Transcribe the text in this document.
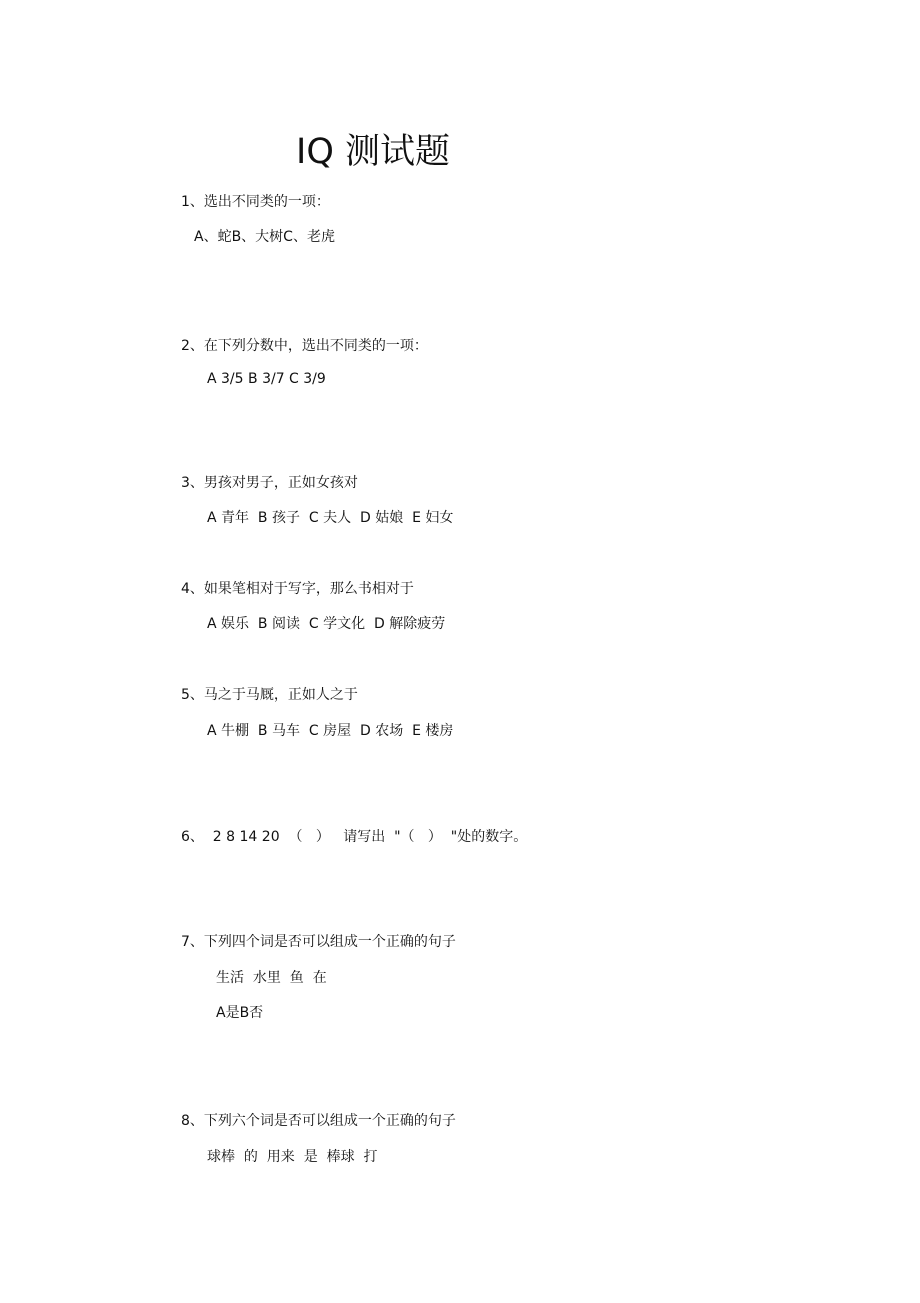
IQ 测试题
1、选出不同类的一项：
A、蛇B、大树C、老虎
2、在下列分数中，选出不同类的一项：
A 3/5 B 3/7 C 3/9
3、男孩对男子，正如女孩对
A 青年  B 孩子  C 夫人  D 姑娘  E 妇女
4、如果笔相对于写字，那么书相对于
A 娱乐  B 阅读  C 学文化  D 解除疲劳
5、马之于马厩，正如人之于
A 牛棚  B 马车  C 房屋  D 农场  E 楼房
6、  2 8 14 20  （   ）   请写出  "（   ）  "处的数字。
7、下列四个词是否可以组成一个正确的句子
生活  水里  鱼  在
A是B否
8、下列六个词是否可以组成一个正确的句子
球棒  的  用来  是  棒球  打
